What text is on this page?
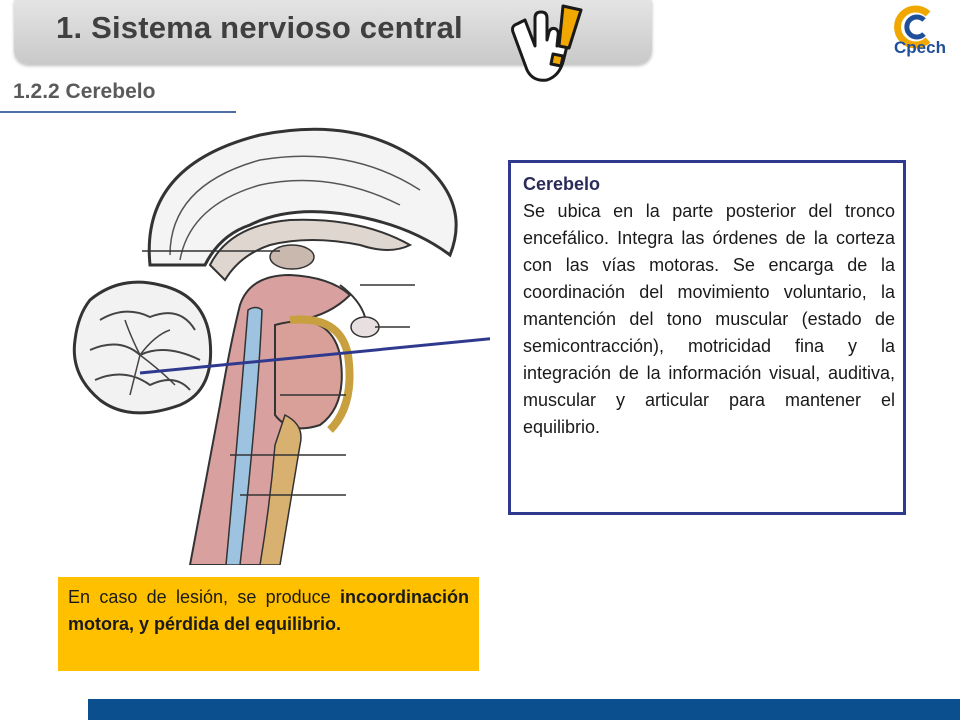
1. Sistema nervioso central
Cpech
1.2.2 Cerebelo
Cerebelo

Se ubica en la parte posterior del tronco encefálico. Integra las órdenes de la corteza con las vías motoras. Se encarga de la coordinación del movimiento voluntario, la mantención del tono muscular (estado de semicontracción), motricidad fina y la integración de la información visual, auditiva, muscular y articular para mantener el equilibrio.

En caso de lesión, se produce incoordinación motora, y pérdida del equilibrio.
